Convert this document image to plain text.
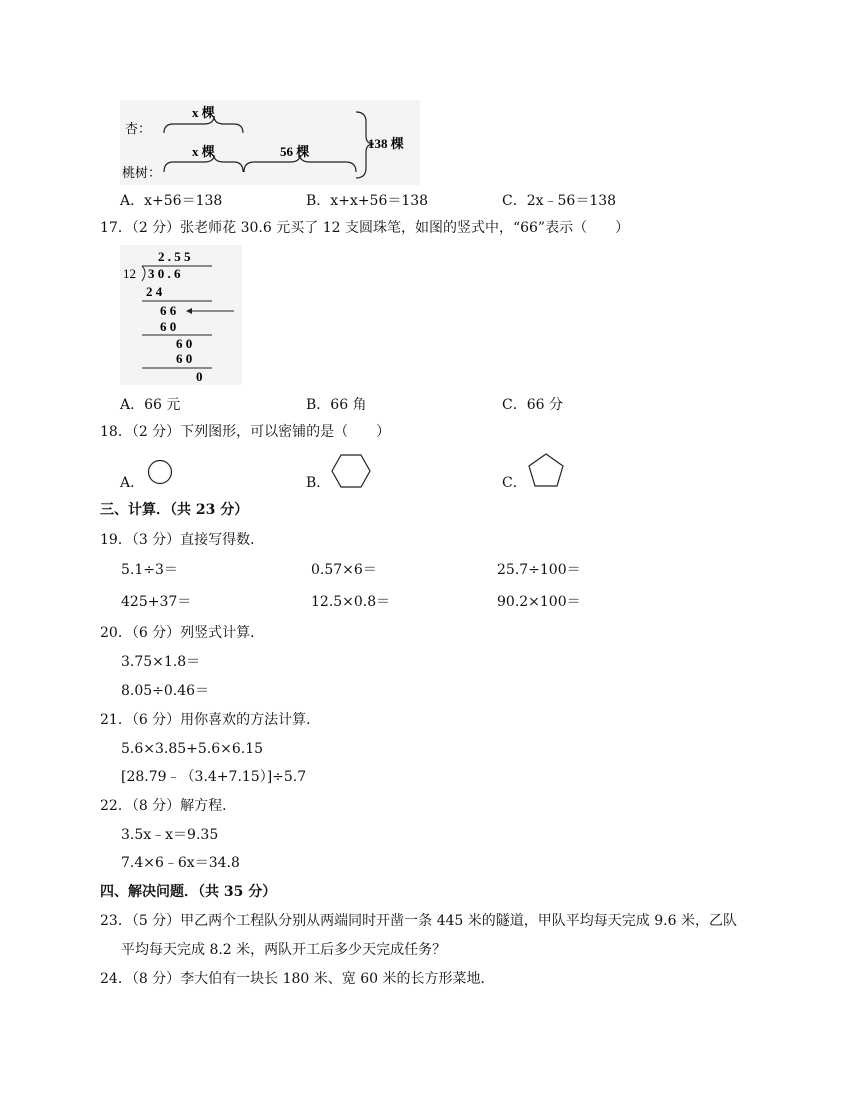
杏：
桃树：
x 棵
x 棵	56 棵
138 棵
A．x+56＝138	B．x+x+56＝138	C．2x﹣56＝138
17．（2 分）张老师花 30.6 元买了 12 支圆珠笔，如图的竖式中，“66”表示（　　）
2 . 5 5
12 3 0 . 6
2 4
6 6
6 0
6 0
6 0
0
A．66 元	B．66 角	C．66 分
18．（2 分）下列图形，可以密铺的是（　　）
A．	B．	C．
三、计算．（共 23 分）
19．（3 分）直接写得数．
5.1÷3＝	0.57×6＝	25.7÷100＝
425+37＝	12.5×0.8＝	90.2×100＝
20．（6 分）列竖式计算．
3.75×1.8＝
8.05÷0.46＝
21．（6 分）用你喜欢的方法计算．
5.6×3.85+5.6×6.15
[28.79﹣（3.4+7.15）]÷5.7
22．（8 分）解方程．
3.5x﹣x＝9.35
7.4×6﹣6x＝34.8
四、解决问题．（共 35 分）
23．（5 分）甲乙两个工程队分别从两端同时开凿一条 445 米的隧道，甲队平均每天完成 9.6 米，乙队
平均每天完成 8.2 米，两队开工后多少天完成任务？
24．（8 分）李大伯有一块长 180 米、宽 60 米的长方形菜地．
